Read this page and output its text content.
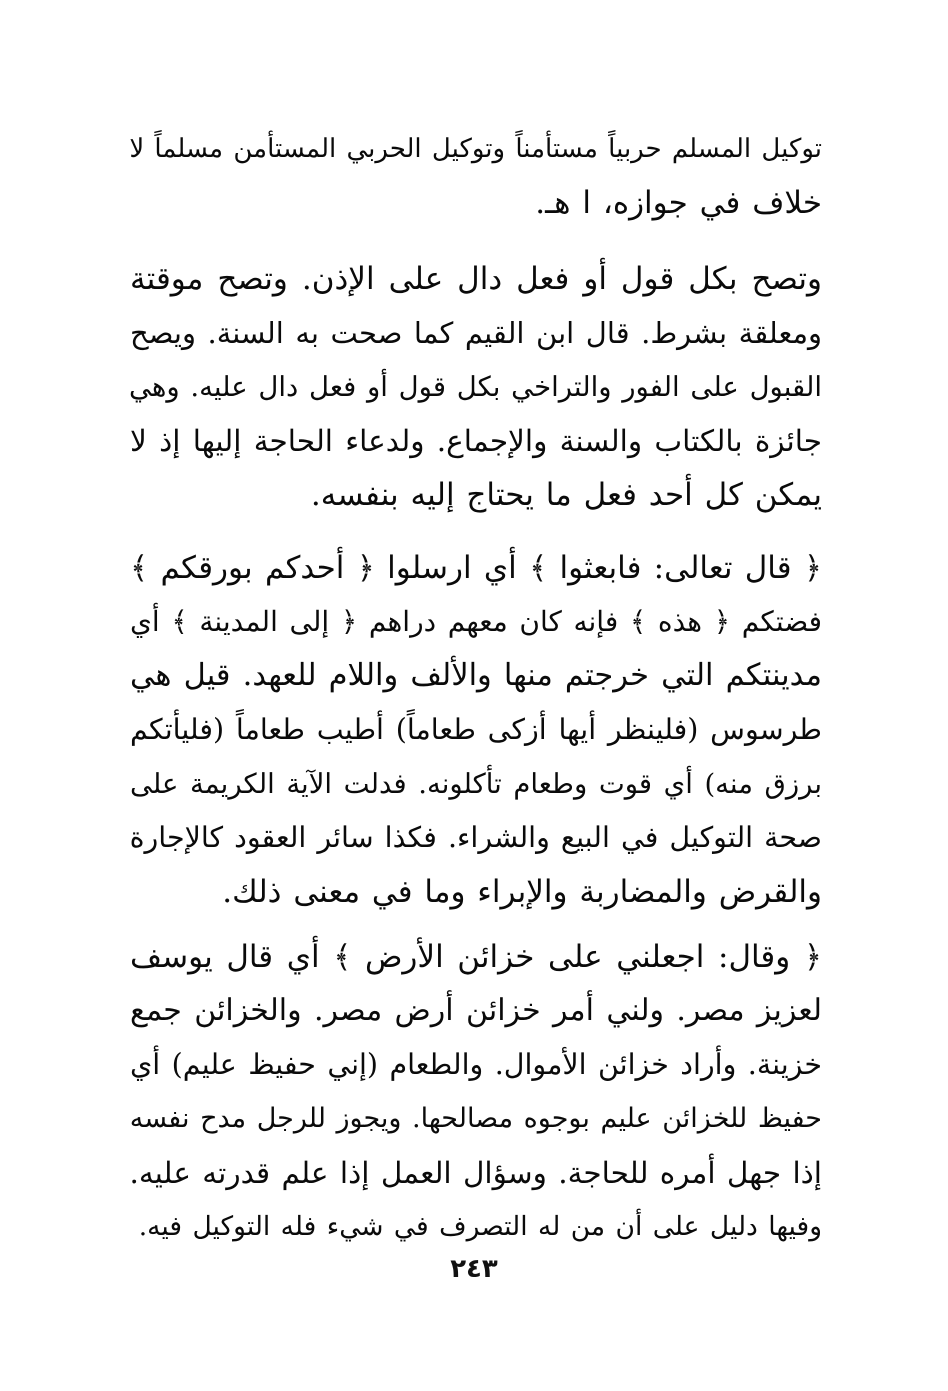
توكيل المسلم حربياً مستأمناً وتوكيل الحربي المستأمن مسلماً لا
خلاف في جوازه، ا هـ.
وتصح بكل قول أو فعل دال على الإذن. وتصح موقتة
ومعلقة بشرط. قال ابن القيم كما صحت به السنة. ويصح
القبول على الفور والتراخي بكل قول أو فعل دال عليه. وهي
جائزة بالكتاب والسنة والإجماع. ولدعاء الحاجة إليها إذ لا
يمكن كل أحد فعل ما يحتاج إليه بنفسه.
﴿ قال تعالى: فابعثوا ﴾ أي ارسلوا ﴿ أحدكم بورقكم ﴾
فضتكم ﴿ هذه ﴾ فإنه كان معهم دراهم ﴿ إلى المدينة ﴾ أي
مدينتكم التي خرجتم منها والألف واللام للعهد. قيل هي
طرسوس (فلينظر أيها أزكى طعاماً) أطيب طعاماً (فليأتكم
برزق منه) أي قوت وطعام تأكلونه. فدلت الآية الكريمة على
صحة التوكيل في البيع والشراء. فكذا سائر العقود كالإجارة
والقرض والمضاربة والإبراء وما في معنى ذلك.
﴿ وقال: اجعلني على خزائن الأرض ﴾ أي قال يوسف
لعزيز مصر. ولني أمر خزائن أرض مصر. والخزائن جمع
خزينة. وأراد خزائن الأموال. والطعام (إني حفيظ عليم) أي
حفيظ للخزائن عليم بوجوه مصالحها. ويجوز للرجل مدح نفسه
إذا جهل أمره للحاجة. وسؤال العمل إذا علم قدرته عليه.
وفيها دليل على أن من له التصرف في شيء فله التوكيل فيه.
٢٤٣
